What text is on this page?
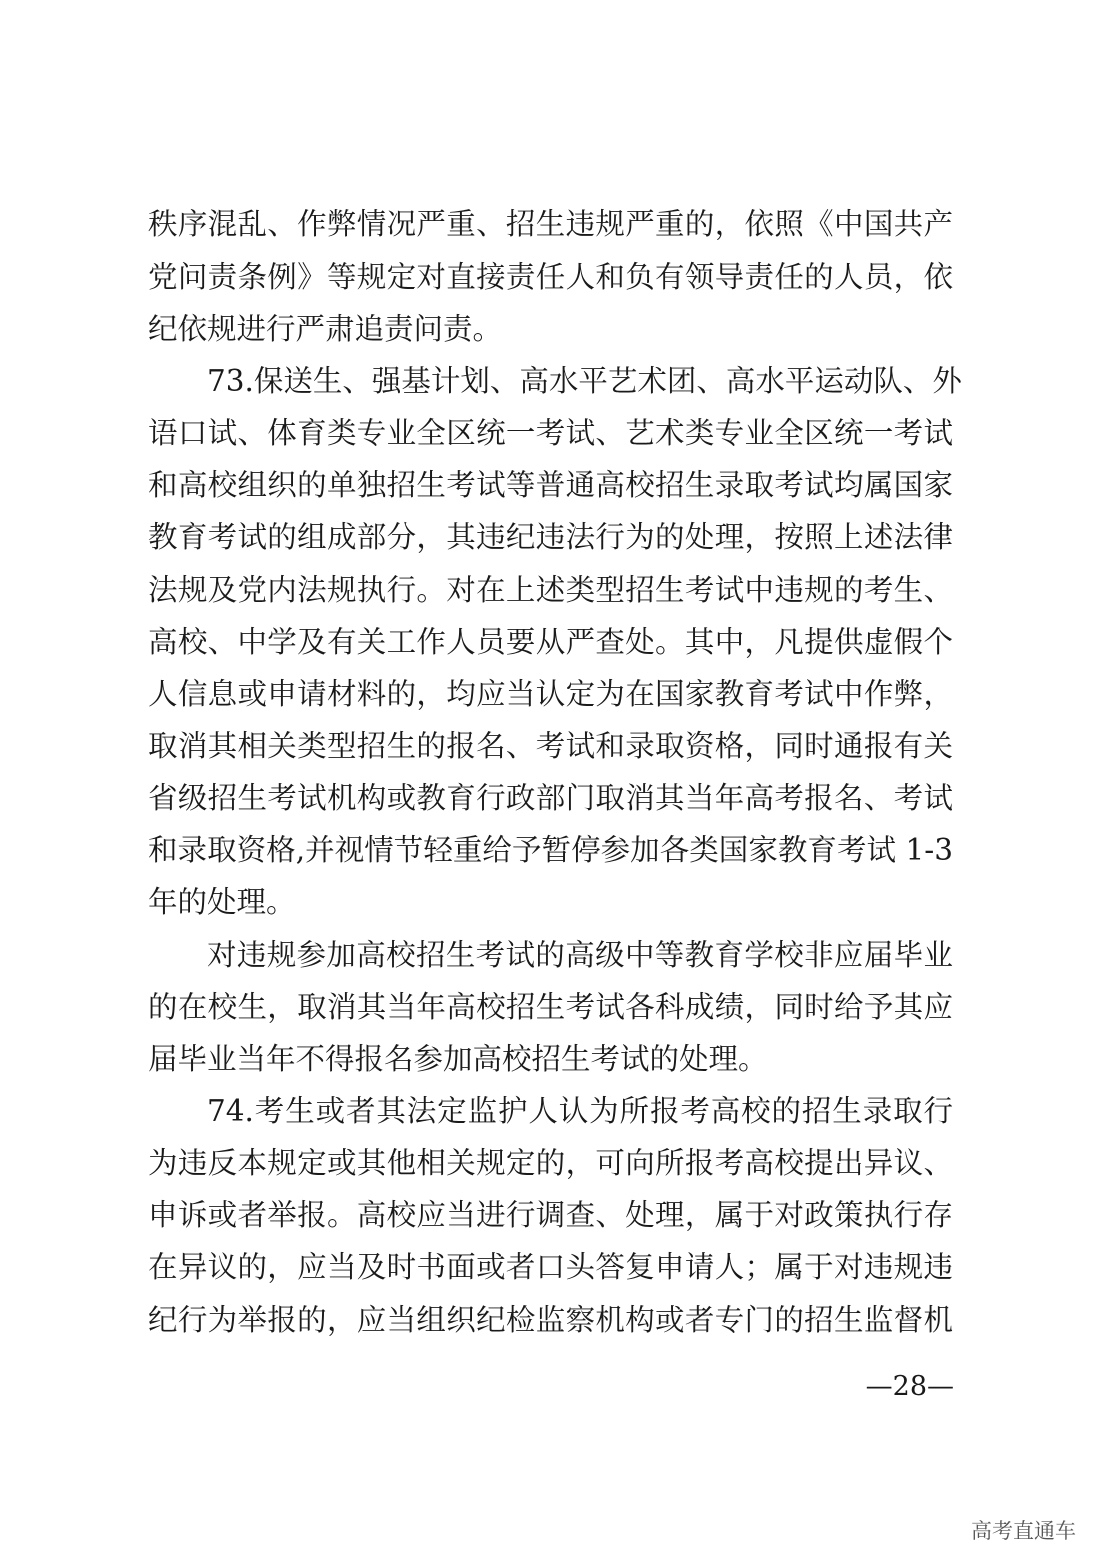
秩序混乱、作弊情况严重、招生违规严重的，依照《中国共产
党问责条例》等规定对直接责任人和负有领导责任的人员，依
纪依规进行严肃追责问责。
73.保送生、强基计划、高水平艺术团、高水平运动队、外
语口试、体育类专业全区统一考试、艺术类专业全区统一考试
和高校组织的单独招生考试等普通高校招生录取考试均属国家
教育考试的组成部分，其违纪违法行为的处理，按照上述法律
法规及党内法规执行。对在上述类型招生考试中违规的考生、
高校、中学及有关工作人员要从严查处。其中，凡提供虚假个
人信息或申请材料的，均应当认定为在国家教育考试中作弊，
取消其相关类型招生的报名、考试和录取资格，同时通报有关
省级招生考试机构或教育行政部门取消其当年高考报名、考试
和录取资格,并视情节轻重给予暂停参加各类国家教育考试 1-3
年的处理。
对违规参加高校招生考试的高级中等教育学校非应届毕业
的在校生，取消其当年高校招生考试各科成绩，同时给予其应
届毕业当年不得报名参加高校招生考试的处理。
74.考生或者其法定监护人认为所报考高校的招生录取行
为违反本规定或其他相关规定的，可向所报考高校提出异议、
申诉或者举报。高校应当进行调查、处理，属于对政策执行存
在异议的，应当及时书面或者口头答复申请人；属于对违规违
纪行为举报的，应当组织纪检监察机构或者专门的招生监督机
—28—
高考直通车
